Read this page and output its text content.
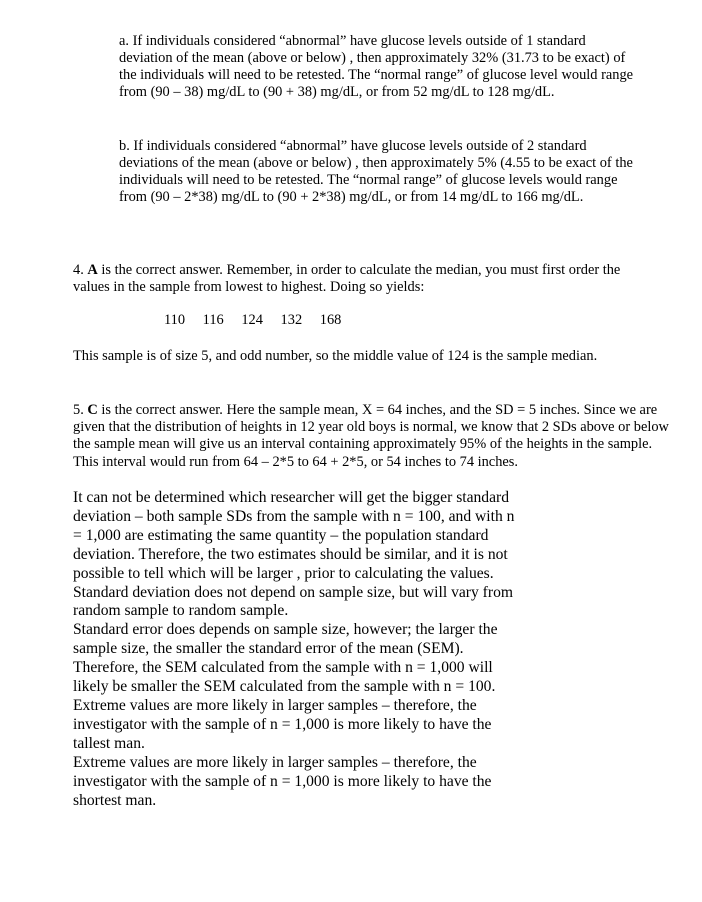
a. If individuals considered “abnormal” have glucose levels outside of 1 standard deviation of the mean (above or below) , then approximately 32% (31.73 to be exact) of the individuals will need to be retested. The “normal range” of glucose level would range from (90 – 38) mg/dL to (90 + 38) mg/dL, or from 52 mg/dL to 128 mg/dL.

b. If individuals considered “abnormal” have glucose levels outside of 2 standard deviations of the mean (above or below) , then approximately 5% (4.55 to be exact of the individuals will need to be retested. The “normal range” of glucose levels would range from (90 – 2*38) mg/dL to (90 + 2*38) mg/dL, or from 14 mg/dL to 166 mg/dL.

4. A is the correct answer. Remember, in order to calculate the median, you must first order the values in the sample from lowest to highest. Doing so yields:

110 116 124 132 168

This sample is of size 5, and odd number, so the middle value of 124 is the sample median.

5. C is the correct answer. Here the sample mean, $\overline{X} = 64$ inches, and the SD = 5 inches. Since we are given that the distribution of heights in 12 year old boys is normal, we know that 2 SDs above or below the sample mean will give us an interval containing approximately 95% of the heights in the sample. This interval would run from 64 – 2*5 to 64 + 2*5, or 54 inches to 74 inches.

It can not be determined which researcher will get the bigger standard deviation – both sample SDs from the sample with n = 100, and with n = 1,000 are estimating the same quantity – the population standard deviation. Therefore, the two estimates should be similar, and it is not possible to tell which will be larger , prior to calculating the values. Standard deviation does not depend on sample size, but will vary from random sample to random sample.

Standard error does depends on sample size, however; the larger the sample size, the smaller the standard error of the mean (SEM). Therefore, the SEM calculated from the sample with n = 1,000 will likely be smaller the SEM calculated from the sample with n = 100.

Extreme values are more likely in larger samples – therefore, the investigator with the sample of n = 1,000 is more likely to have the tallest man.

Extreme values are more likely in larger samples – therefore, the investigator with the sample of n = 1,000 is more likely to have the shortest man.
